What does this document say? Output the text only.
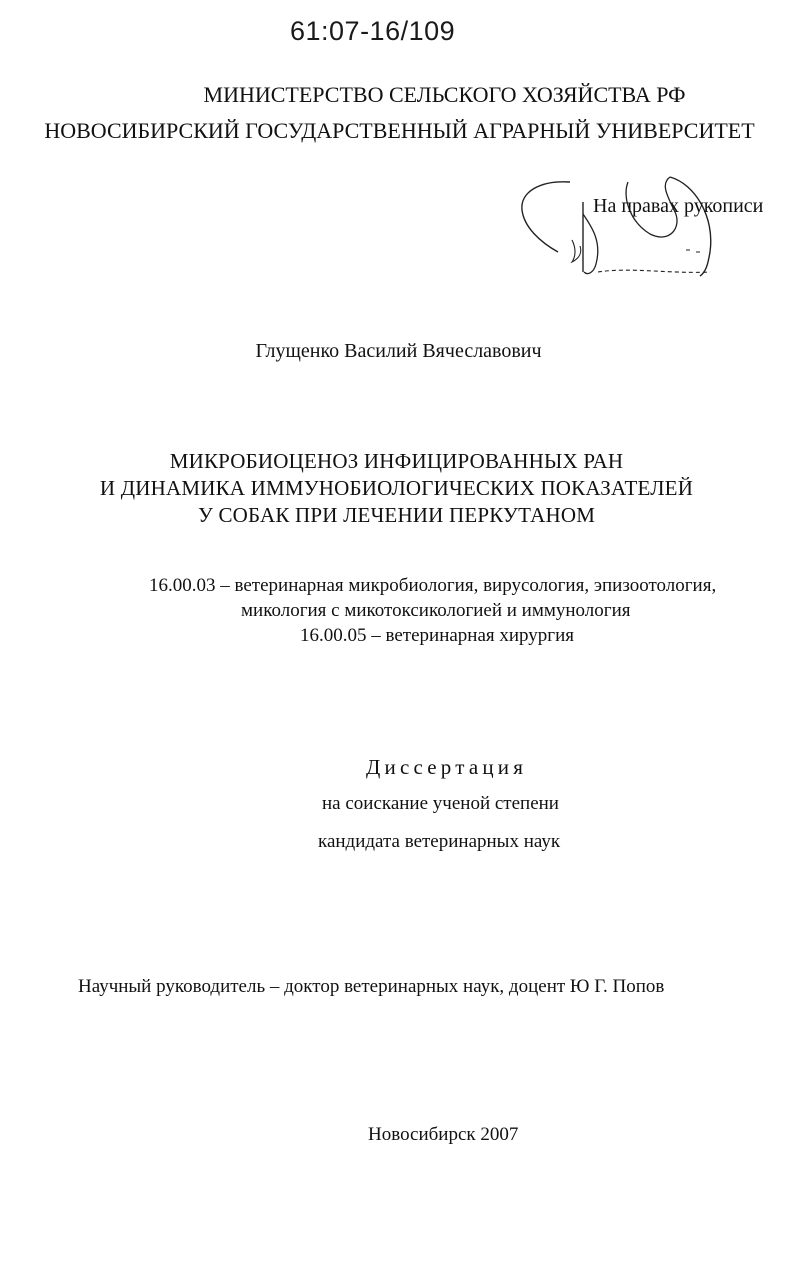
61:07-16/109
МИНИСТЕРСТВО СЕЛЬСКОГО ХОЗЯЙСТВА РФ
НОВОСИБИРСКИЙ ГОСУДАРСТВЕННЫЙ АГРАРНЫЙ УНИВЕРСИТЕТ
На правах рукописи
Глущенко Василий Вячеславович
МИКРОБИОЦЕНОЗ ИНФИЦИРОВАННЫХ РАН
И ДИНАМИКА ИММУНОБИОЛОГИЧЕСКИХ ПОКАЗАТЕЛЕЙ
У СОБАК ПРИ ЛЕЧЕНИИ ПЕРКУТАНОМ
16.00.03 – ветеринарная микробиология, вирусология, эпизоотология,
микология с микотоксикологией и иммунология
16.00.05 – ветеринарная хирургия
Диссертация
на соискание ученой степени
кандидата ветеринарных наук
Научный руководитель – доктор ветеринарных наук, доцент Ю Г. Попов
Новосибирск 2007
